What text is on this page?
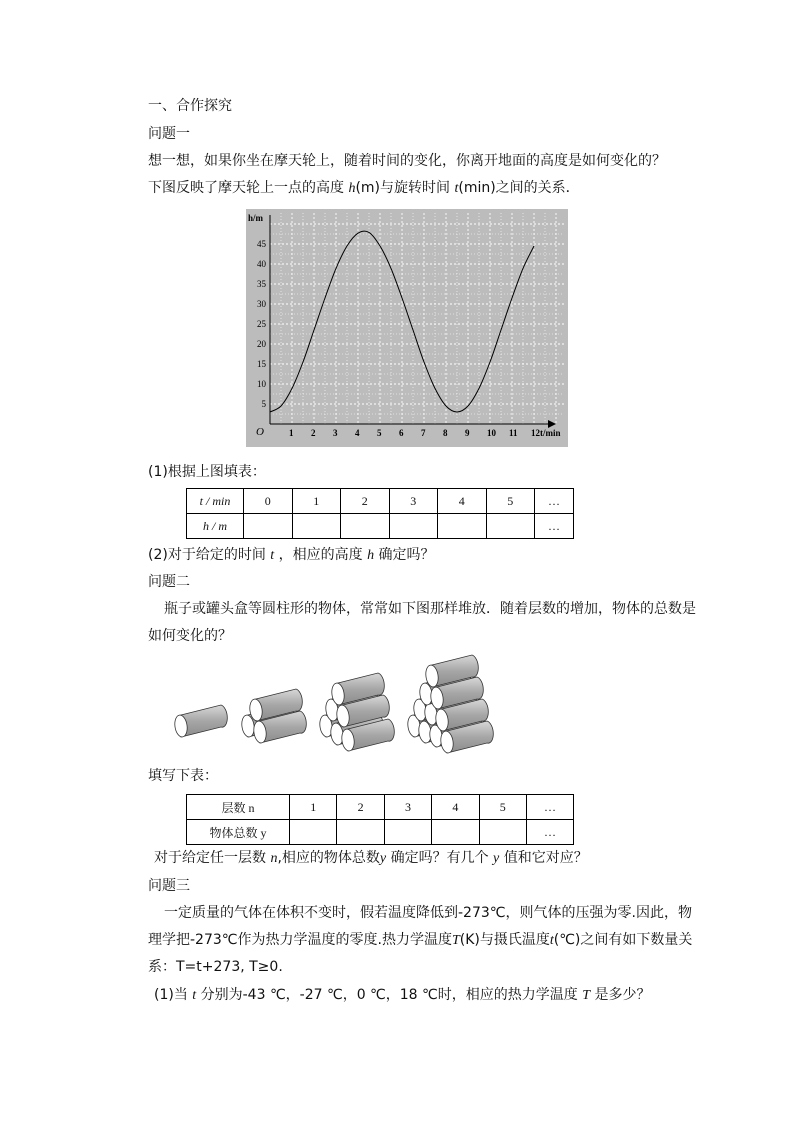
一、合作探究
问题一
想一想，如果你坐在摩天轮上，随着时间的变化，你离开地面的高度是如何变化的？
下图反映了摩天轮上一点的高度 h(m)与旋转时间 t(min)之间的关系．
1 2 3 4 5 6 7 8 9 10 11 12
5
10
15
20
25
30
35
40
45
O
h/m
t/min
(1)根据上图填表：
t / min	0	1	2	3	4	5	…
h / m							…
(2)对于给定的时间 t ，相应的高度 h 确定吗？
问题二
瓶子或罐头盒等圆柱形的物体，常常如下图那样堆放．随着层数的增加，物体的总数是
如何变化的？
填写下表：
层数 n	1	2	3	4	5	…
物体总数 y						…
对于给定任一层数 n,相应的物体总数y 确定吗？有几个 y 值和它对应？
问题三
一定质量的气体在体积不变时，假若温度降低到-273℃，则气体的压强为零.因此，物
理学把-273℃作为热力学温度的零度.热力学温度T(K)与摄氏温度t(℃)之间有如下数量关
系：T=t+273, T≥0.
(1)当 t 分别为-43 ℃，-27 ℃，0 ℃，18 ℃时，相应的热力学温度 T 是多少？
